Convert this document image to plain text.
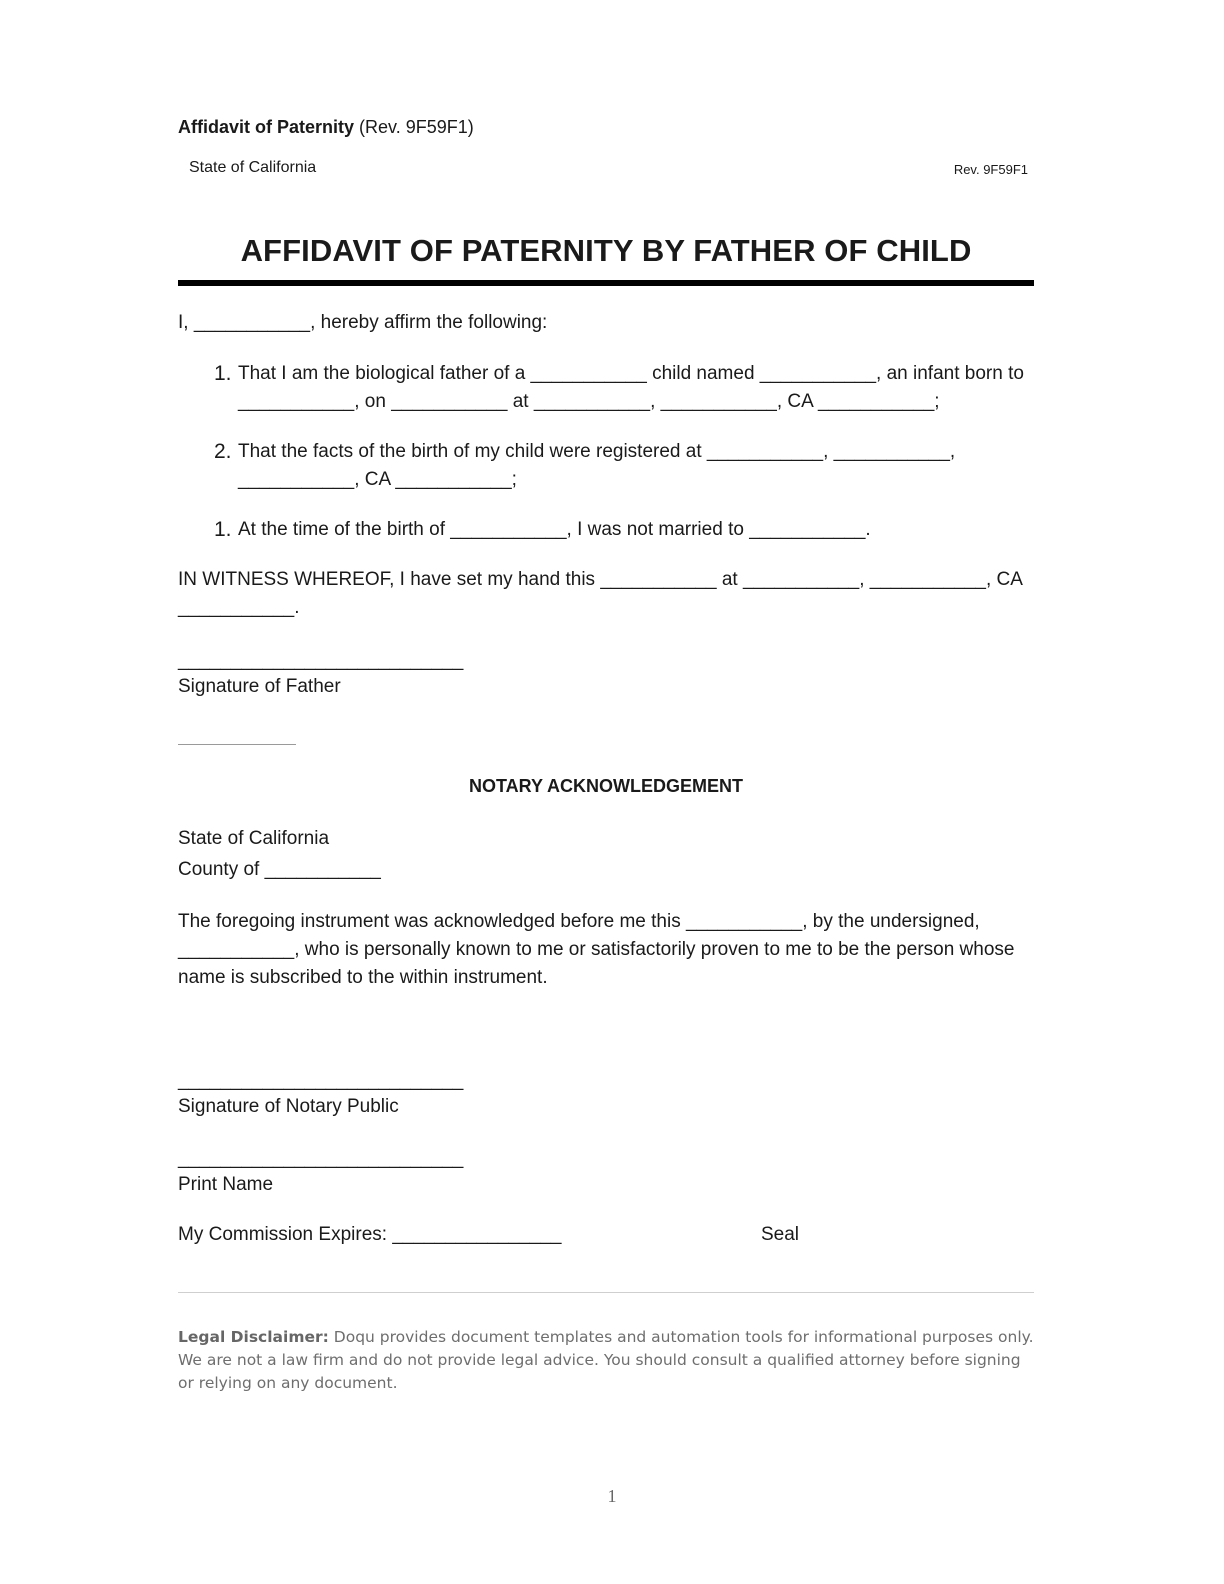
Affidavit of Paternity (Rev. 9F59F1)
State of California	Rev. 9F59F1
AFFIDAVIT OF PATERNITY BY FATHER OF CHILD

I, ___________, hereby affirm the following:

1. That I am the biological father of a ___________ child named ___________, an infant born to ___________, on ___________ at ___________, ___________, CA ___________;
2. That the facts of the birth of my child were registered at ___________, ___________, ___________, CA ___________;
1. At the time of the birth of ___________, I was not married to ___________.

IN WITNESS WHEREOF, I have set my hand this ___________ at ___________, ___________, CA ___________.

___________________________

Signature of Father

NOTARY ACKNOWLEDGEMENT

State of California

County of ___________

The foregoing instrument was acknowledged before me this ___________, by the undersigned, ___________, who is personally known to me or satisfactorily proven to me to be the person whose name is subscribed to the within instrument.

___________________________

Signature of Notary Public

___________________________

Print Name

My Commission Expires: ________________	Seal
Legal Disclaimer: Doqu provides document templates and automation tools for informational purposes only. We are not a law firm and do not provide legal advice. You should consult a qualified attorney before signing or relying on any document.
1
